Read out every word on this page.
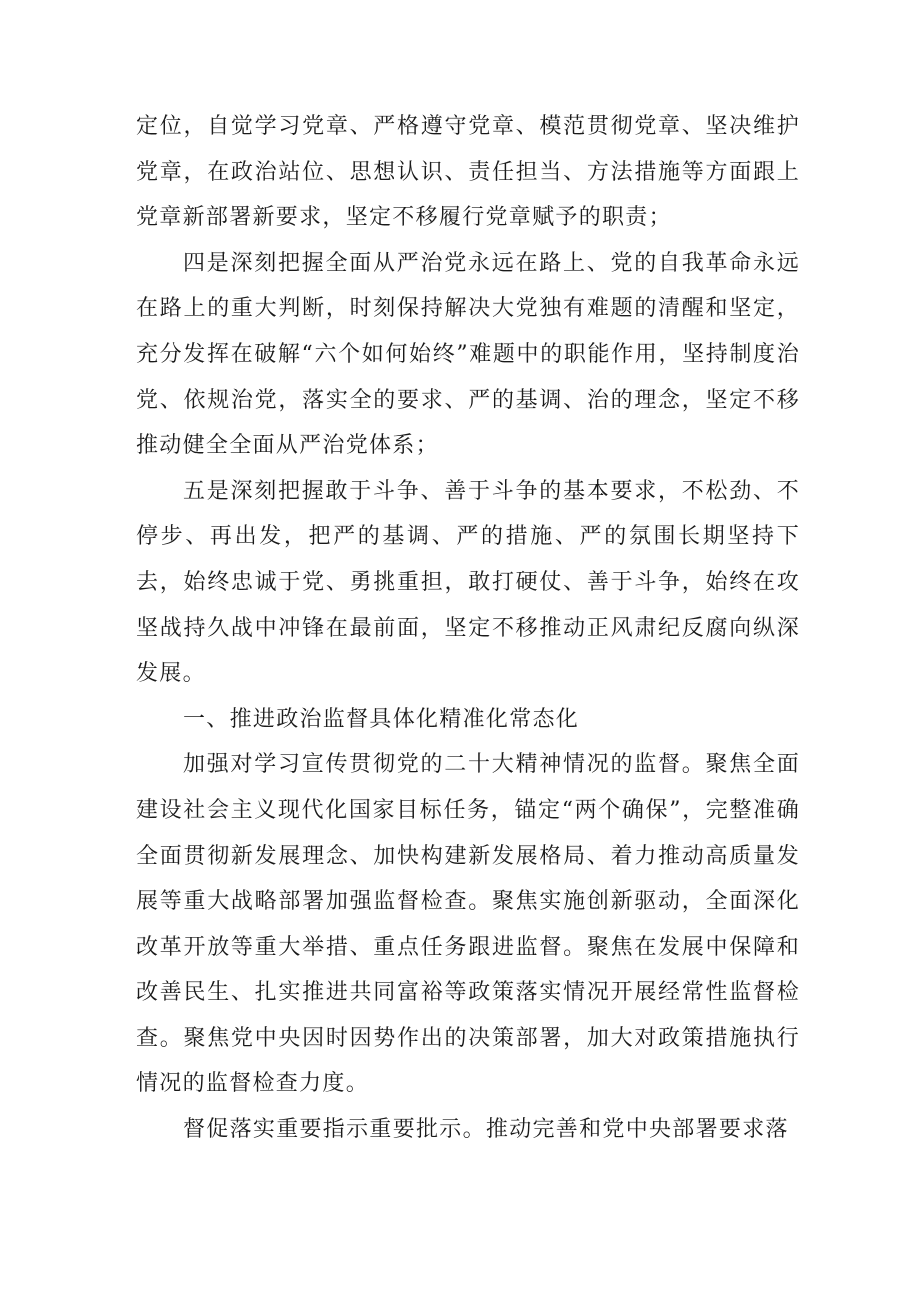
定位，自觉学习党章、严格遵守党章、模范贯彻党章、坚决维护党章，在政治站位、思想认识、责任担当、方法措施等方面跟上党章新部署新要求，坚定不移履行党章赋予的职责；

四是深刻把握全面从严治党永远在路上、党的自我革命永远在路上的重大判断，时刻保持解决大党独有难题的清醒和坚定，充分发挥在破解“六个如何始终”难题中的职能作用，坚持制度治党、依规治党，落实全的要求、严的基调、治的理念，坚定不移推动健全全面从严治党体系；

五是深刻把握敢于斗争、善于斗争的基本要求，不松劲、不停步、再出发，把严的基调、严的措施、严的氛围长期坚持下去，始终忠诚于党、勇挑重担，敢打硬仗、善于斗争，始终在攻坚战持久战中冲锋在最前面，坚定不移推动正风肃纪反腐向纵深发展。

一、推进政治监督具体化精准化常态化

加强对学习宣传贯彻党的二十大精神情况的监督。聚焦全面建设社会主义现代化国家目标任务，锚定“两个确保”，完整准确全面贯彻新发展理念、加快构建新发展格局、着力推动高质量发展等重大战略部署加强监督检查。聚焦实施创新驱动，全面深化改革开放等重大举措、重点任务跟进监督。聚焦在发展中保障和改善民生、扎实推进共同富裕等政策落实情况开展经常性监督检查。聚焦党中央因时因势作出的决策部署，加大对政策措施执行情况的监督检查力度。

督促落实重要指示重要批示。推动完善和党中央部署要求落
